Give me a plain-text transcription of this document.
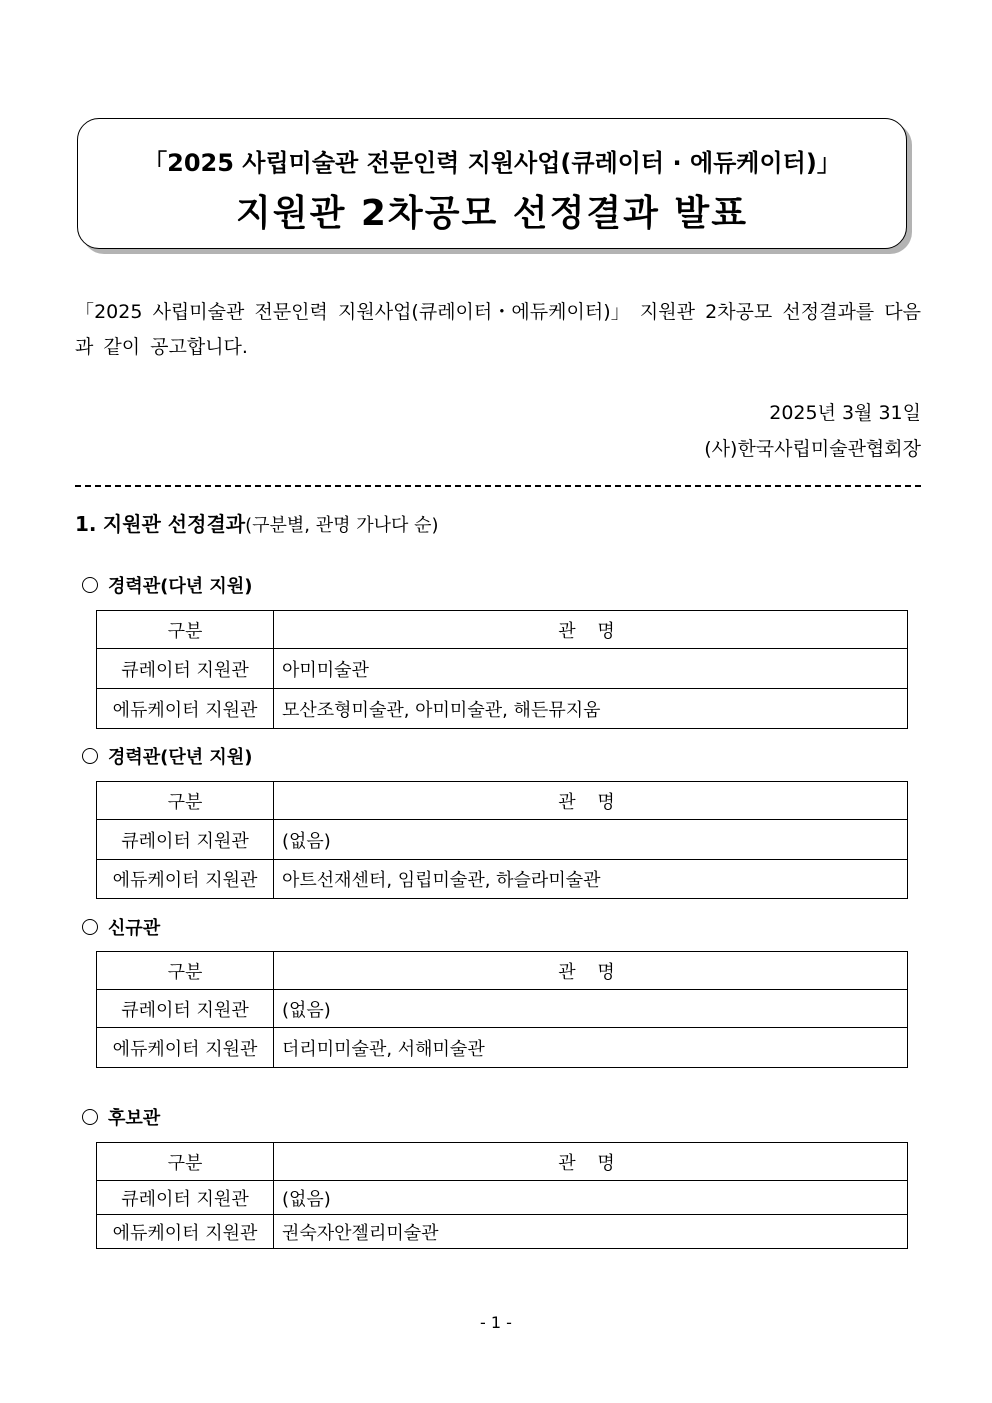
「2025 사립미술관 전문인력 지원사업(큐레이터 · 에듀케이터)」
지원관 2차공모 선정결과 발표
「2025 사립미술관 전문인력 지원사업(큐레이터・에듀케이터)」 지원관 2차공모 선정결과를 다음과 같이 공고합니다.
2025년 3월 31일
(사)한국사립미술관협회장
1. 지원관 선정결과(구분별, 관명 가나다 순)
경력관(다년 지원)
구분	관 명
큐레이터 지원관	아미미술관
에듀케이터 지원관	모산조형미술관, 아미미술관, 해든뮤지움
경력관(단년 지원)
구분	관 명
큐레이터 지원관	(없음)
에듀케이터 지원관	아트선재센터, 임립미술관, 하슬라미술관
신규관
구분	관 명
큐레이터 지원관	(없음)
에듀케이터 지원관	더리미미술관, 서해미술관
후보관
구분	관 명
큐레이터 지원관	(없음)
에듀케이터 지원관	권숙자안젤리미술관
- 1 -
